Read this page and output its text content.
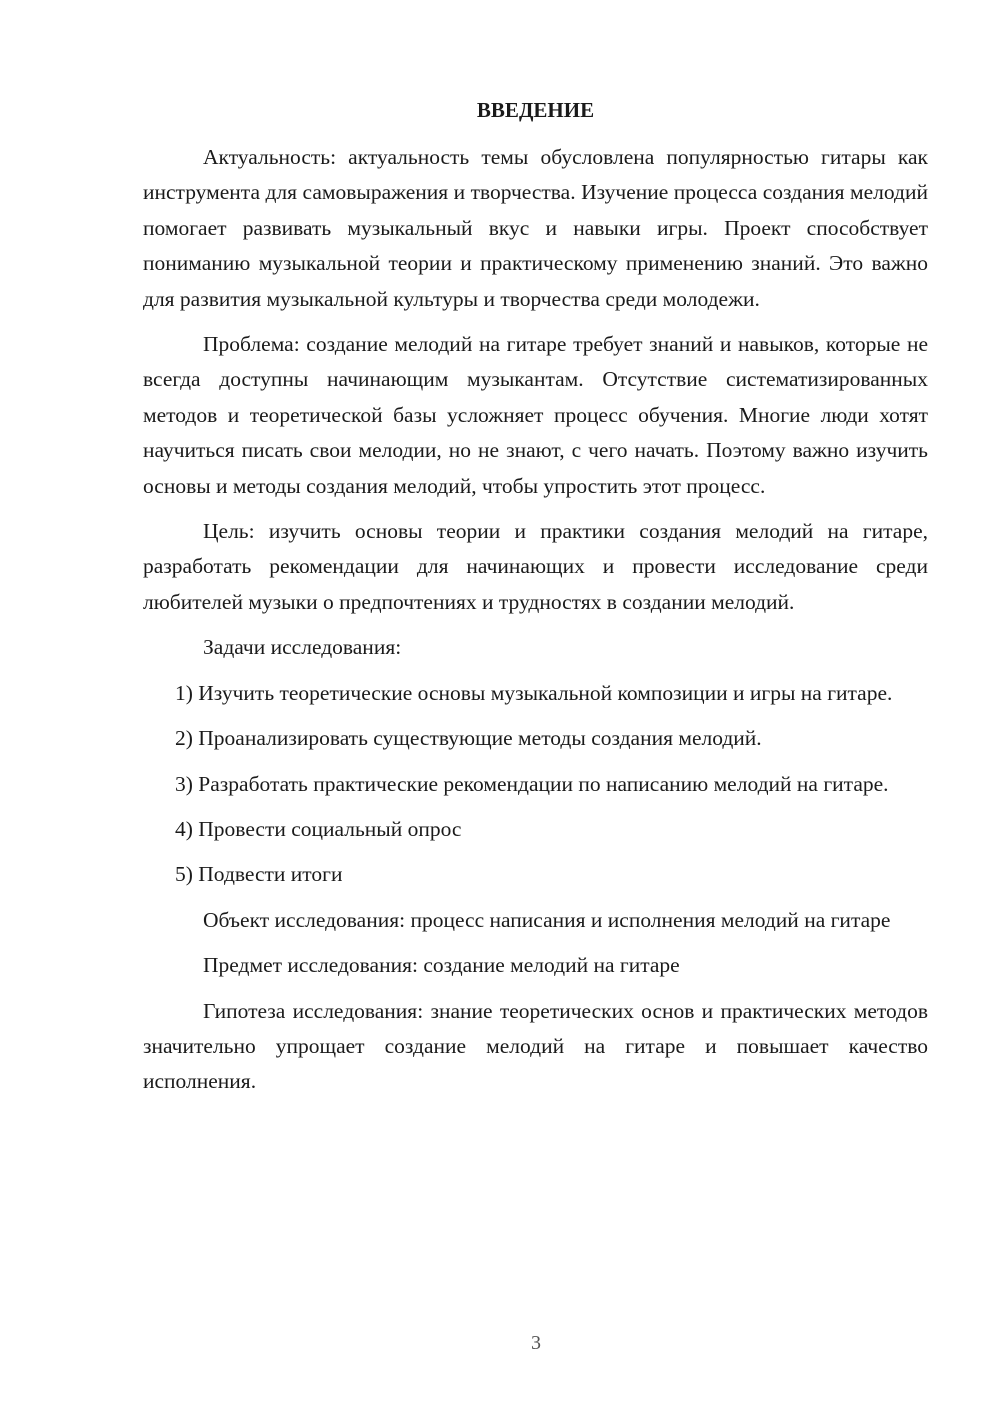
ВВЕДЕНИЕ

Актуальность: актуальность темы обусловлена популярностью гитары как инструмента для самовыражения и творчества. Изучение процесса создания мелодий помогает развивать музыкальный вкус и навыки игры. Проект способствует пониманию музыкальной теории и практическому применению знаний. Это важно для развития музыкальной культуры и творчества среди молодежи.

Проблема: создание мелодий на гитаре требует знаний и навыков, которые не всегда доступны начинающим музыкантам. Отсутствие систематизированных методов и теоретической базы усложняет процесс обучения. Многие люди хотят научиться писать свои мелодии, но не знают, с чего начать. Поэтому важно изучить основы и методы создания мелодий, чтобы упростить этот процесс.

Цель: изучить основы теории и практики создания мелодий на гитаре, разработать рекомендации для начинающих и провести исследование среди любителей музыки о предпочтениях и трудностях в создании мелодий.

Задачи исследования:

1) Изучить теоретические основы музыкальной композиции и игры на гитаре.

2) Проанализировать существующие методы создания мелодий.

3) Разработать практические рекомендации по написанию мелодий на гитаре.

4) Провести социальный опрос

5) Подвести итоги

Объект исследования: процесс написания и исполнения мелодий на гитаре

Предмет исследования: создание мелодий на гитаре

Гипотеза исследования: знание теоретических основ и практических методов значительно упрощает создание мелодий на гитаре и повышает качество исполнения.

3
